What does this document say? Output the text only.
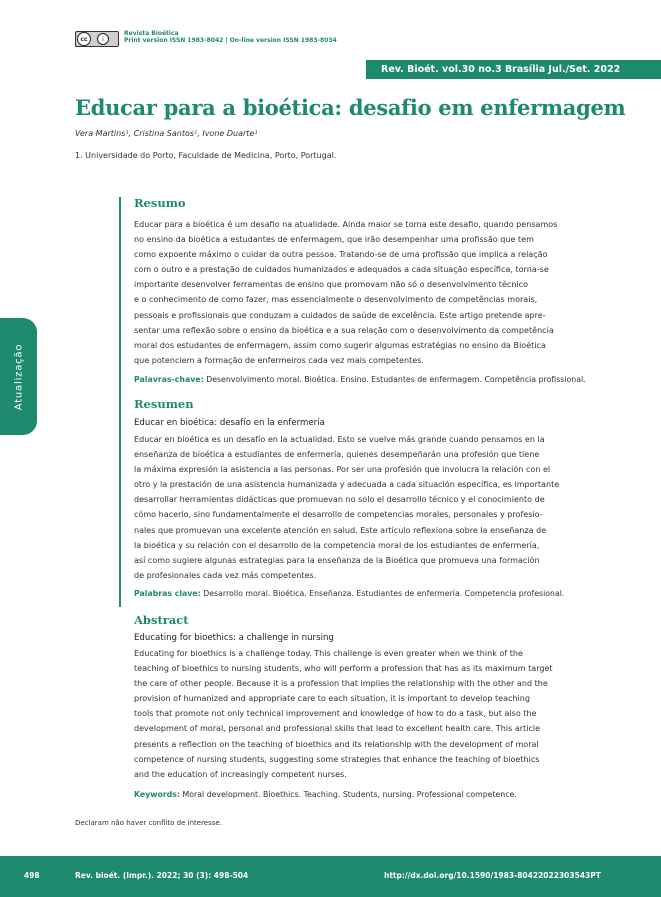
cc	i
Revista Bioética
Print version ISSN 1983-8042 | On-line version ISSN 1983-8034
Rev. Bioét. vol.30 no.3 Brasília Jul./Set. 2022
Educar para a bioética: desafio em enfermagem
Vera Martins¹, Cristina Santos¹, Ivone Duarte¹
1. Universidade do Porto, Faculdade de Medicina, Porto, Portugal.
Atualização
Resumo
Educar para a bioética é um desafio na atualidade. Ainda maior se torna este desafio, quando pensamos
no ensino da bioética a estudantes de enfermagem, que irão desempenhar uma profissão que tem
como expoente máximo o cuidar da outra pessoa. Tratando-se de uma profissão que implica a relação
com o outro e a prestação de cuidados humanizados e adequados a cada situação específica, torna-se
importante desenvolver ferramentas de ensino que promovam não só o desenvolvimento técnico
e o conhecimento de como fazer, mas essencialmente o desenvolvimento de competências morais,
pessoais e profissionais que conduzam a cuidados de saúde de excelência. Este artigo pretende apre-
sentar uma reflexão sobre o ensino da bioética e a sua relação com o desenvolvimento da competência
moral dos estudantes de enfermagem, assim como sugerir algumas estratégias no ensino da Bioética
que potenciem a formação de enfermeiros cada vez mais competentes.
Palavras-chave: Desenvolvimento moral. Bioética. Ensino. Estudantes de enfermagem. Competência profissional.
Resumen
Educar en bioética: desafío en la enfermería
Educar en bioética es un desafío en la actualidad. Esto se vuelve más grande cuando pensamos en la
enseñanza de bioética a estudiantes de enfermería, quienes desempeñarán una profesión que tiene
la máxima expresión la asistencia a las personas. Por ser una profesión que involucra la relación con el
otro y la prestación de una asistencia humanizada y adecuada a cada situación específica, es importante
desarrollar herramientas didácticas que promuevan no solo el desarrollo técnico y el conocimiento de
cómo hacerlo, sino fundamentalmente el desarrollo de competencias morales, personales y profesio-
nales que promuevan una excelente atención en salud. Este artículo reflexiona sobre la enseñanza de
la bioética y su relación con el desarrollo de la competencia moral de los estudiantes de enfermería,
así como sugiere algunas estrategias para la enseñanza de la Bioética que promueva una formación
de profesionales cada vez más competentes.
Palabras clave: Desarrollo moral. Bioética. Enseñanza. Estudiantes de enfermería. Competencia profesional.
Abstract
Educating for bioethics: a challenge in nursing
Educating for bioethics is a challenge today. This challenge is even greater when we think of the
teaching of bioethics to nursing students, who will perform a profession that has as its maximum target
the care of other people. Because it is a profession that implies the relationship with the other and the
provision of humanized and appropriate care to each situation, it is important to develop teaching
tools that promote not only technical improvement and knowledge of how to do a task, but also the
development of moral, personal and professional skills that lead to excellent health care. This article
presents a reflection on the teaching of bioethics and its relationship with the development of moral
competence of nursing students, suggesting some strategies that enhance the teaching of bioethics
and the education of increasingly competent nurses.
Keywords: Moral development. Bioethics. Teaching. Students, nursing. Professional competence.
Declaram não haver conflito de interesse.
498	Rev. bioét. (Impr.). 2022; 30 (3): 498-504	http://dx.doi.org/10.1590/1983-80422022303543PT
